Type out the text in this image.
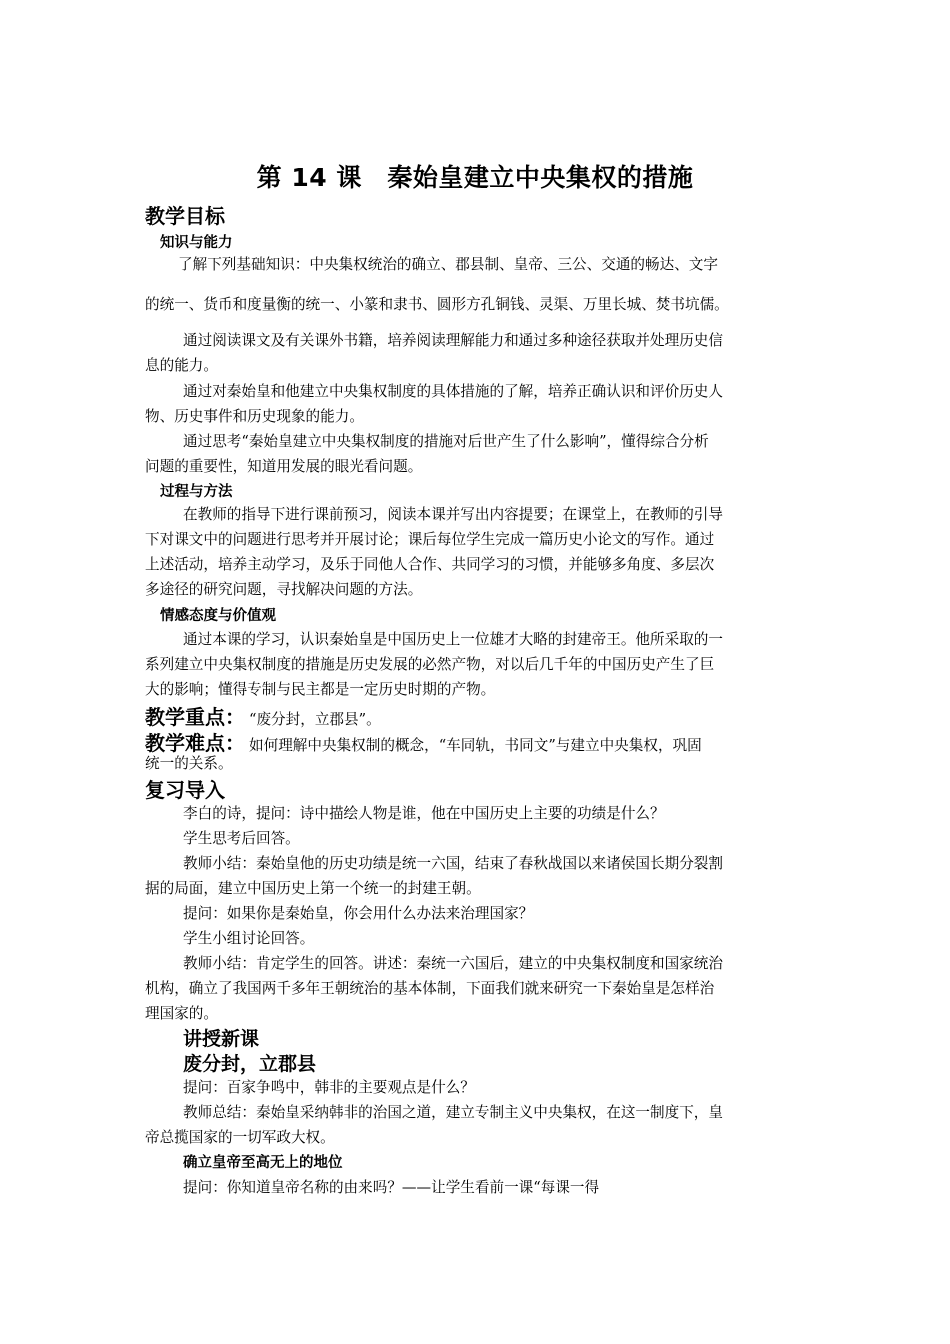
第 14 课　秦始皇建立中央集权的措施
教学目标
知识与能力
了解下列基础知识：中央集权统治的确立、郡县制、皇帝、三公、交通的畅达、文字
的统一、货币和度量衡的统一、小篆和隶书、圆形方孔铜钱、灵渠、万里长城、焚书坑儒。
通过阅读课文及有关课外书籍，培养阅读理解能力和通过多种途径获取并处理历史信
息的能力。
通过对秦始皇和他建立中央集权制度的具体措施的了解，培养正确认识和评价历史人
物、历史事件和历史现象的能力。
通过思考“秦始皇建立中央集权制度的措施对后世产生了什么影响”，懂得综合分析
问题的重要性，知道用发展的眼光看问题。
过程与方法
在教师的指导下进行课前预习，阅读本课并写出内容提要；在课堂上，在教师的引导
下对课文中的问题进行思考并开展讨论；课后每位学生完成一篇历史小论文的写作。通过
上述活动，培养主动学习，及乐于同他人合作、共同学习的习惯，并能够多角度、多层次
多途径的研究问题，寻找解决问题的方法。
情感态度与价值观
通过本课的学习，认识秦始皇是中国历史上一位雄才大略的封建帝王。他所采取的一
系列建立中央集权制度的措施是历史发展的必然产物，对以后几千年的中国历史产生了巨
大的影响；懂得专制与民主都是一定历史时期的产物。
教学重点： “废分封，立郡县”。
教学难点： 如何理解中央集权制的概念，“车同轨，书同文”与建立中央集权，巩固
统一的关系。
复习导入
李白的诗，提问：诗中描绘人物是谁，他在中国历史上主要的功绩是什么？
学生思考后回答。
教师小结：秦始皇他的历史功绩是统一六国，结束了春秋战国以来诸侯国长期分裂割
据的局面，建立中国历史上第一个统一的封建王朝。
提问：如果你是秦始皇，你会用什么办法来治理国家？
学生小组讨论回答。
教师小结：肯定学生的回答。讲述：秦统一六国后，建立的中央集权制度和国家统治
机构，确立了我国两千多年王朝统治的基本体制，下面我们就来研究一下秦始皇是怎样治
理国家的。
讲授新课
废分封，立郡县
提问：百家争鸣中，韩非的主要观点是什么？
教师总结：秦始皇采纳韩非的治国之道，建立专制主义中央集权，在这一制度下，皇
帝总揽国家的一切军政大权。
确立皇帝至高无上的地位
提问：你知道皇帝名称的由来吗？——让学生看前一课“每课一得
